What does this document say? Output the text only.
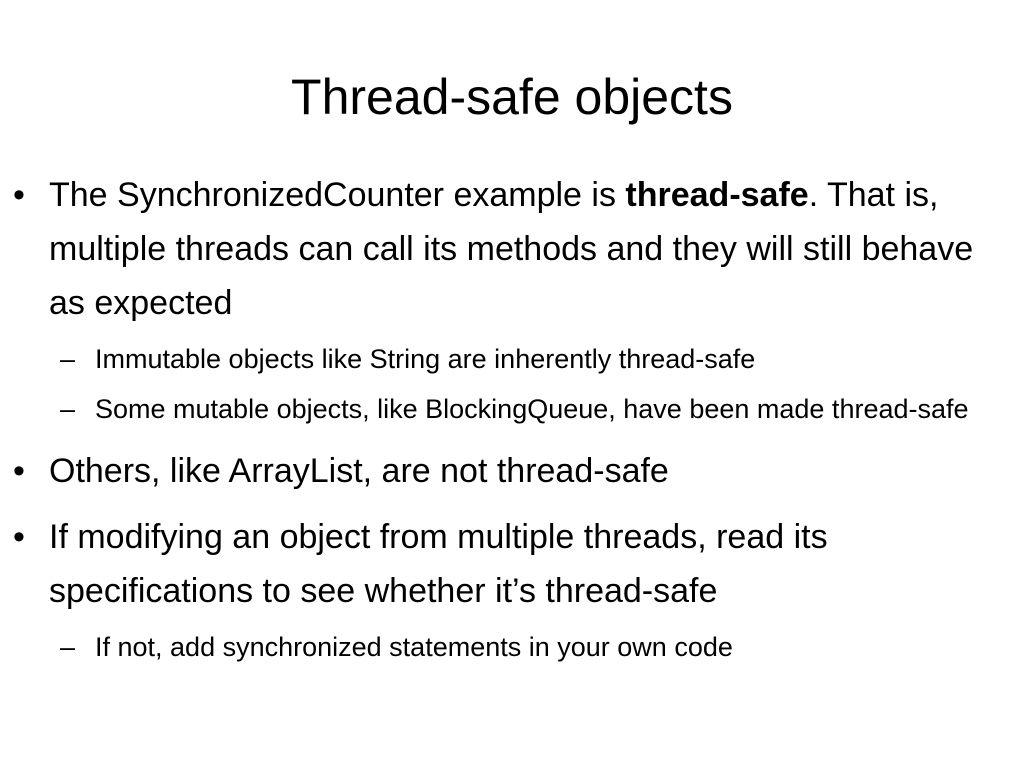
Thread-safe objects
• The SynchronizedCounter example is thread-safe. That is, multiple threads can call its methods and they will still behave as expected
– Immutable objects like String are inherently thread-safe
– Some mutable objects, like BlockingQueue, have been made thread-safe
• Others, like ArrayList, are not thread-safe
• If modifying an object from multiple threads, read its specifications to see whether it’s thread-safe
– If not, add synchronized statements in your own code
